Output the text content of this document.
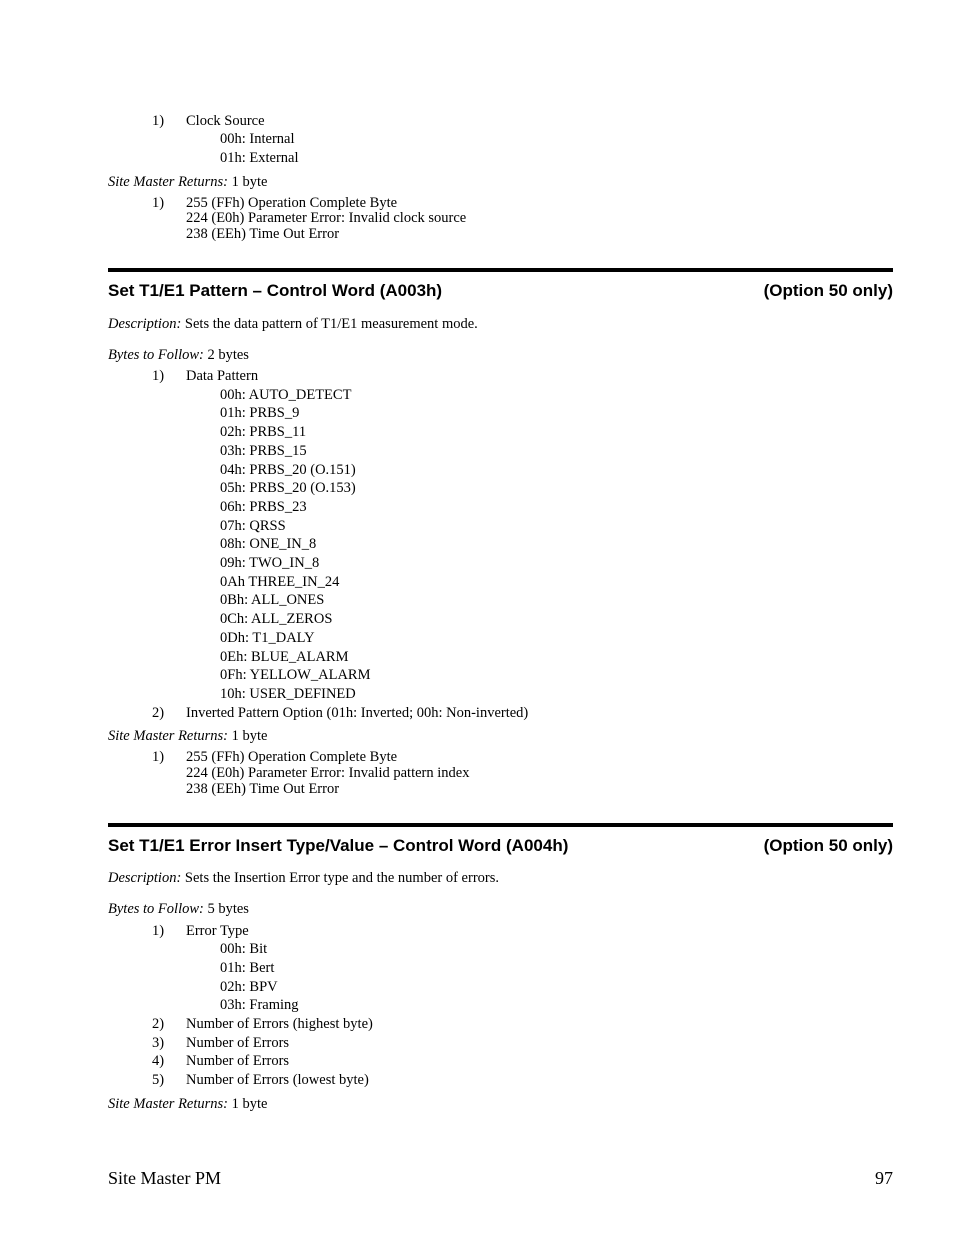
1) Clock Source
00h: Internal
01h: External
Site Master Returns: 1 byte
1) 255 (FFh) Operation Complete Byte
224 (E0h) Parameter Error: Invalid clock source
238 (EEh) Time Out Error
Set T1/E1 Pattern – Control Word (A003h)	(Option 50 only)
Description: Sets the data pattern of T1/E1 measurement mode.
Bytes to Follow: 2 bytes
1) Data Pattern
00h: AUTO_DETECT
01h: PRBS_9
02h: PRBS_11
03h: PRBS_15
04h: PRBS_20 (O.151)
05h: PRBS_20 (O.153)
06h: PRBS_23
07h: QRSS
08h: ONE_IN_8
09h: TWO_IN_8
0Ah THREE_IN_24
0Bh: ALL_ONES
0Ch: ALL_ZEROS
0Dh: T1_DALY
0Eh: BLUE_ALARM
0Fh: YELLOW_ALARM
10h: USER_DEFINED
2) Inverted Pattern Option (01h: Inverted; 00h: Non-inverted)
Site Master Returns: 1 byte
1) 255 (FFh) Operation Complete Byte
224 (E0h) Parameter Error: Invalid pattern index
238 (EEh) Time Out Error
Set T1/E1 Error Insert Type/Value – Control Word (A004h)	(Option 50 only)
Description: Sets the Insertion Error type and the number of errors.
Bytes to Follow: 5 bytes
1) Error Type
00h: Bit
01h: Bert
02h: BPV
03h: Framing
2) Number of Errors (highest byte)
3) Number of Errors
4) Number of Errors
5) Number of Errors (lowest byte)
Site Master Returns: 1 byte
Site Master PM	97
